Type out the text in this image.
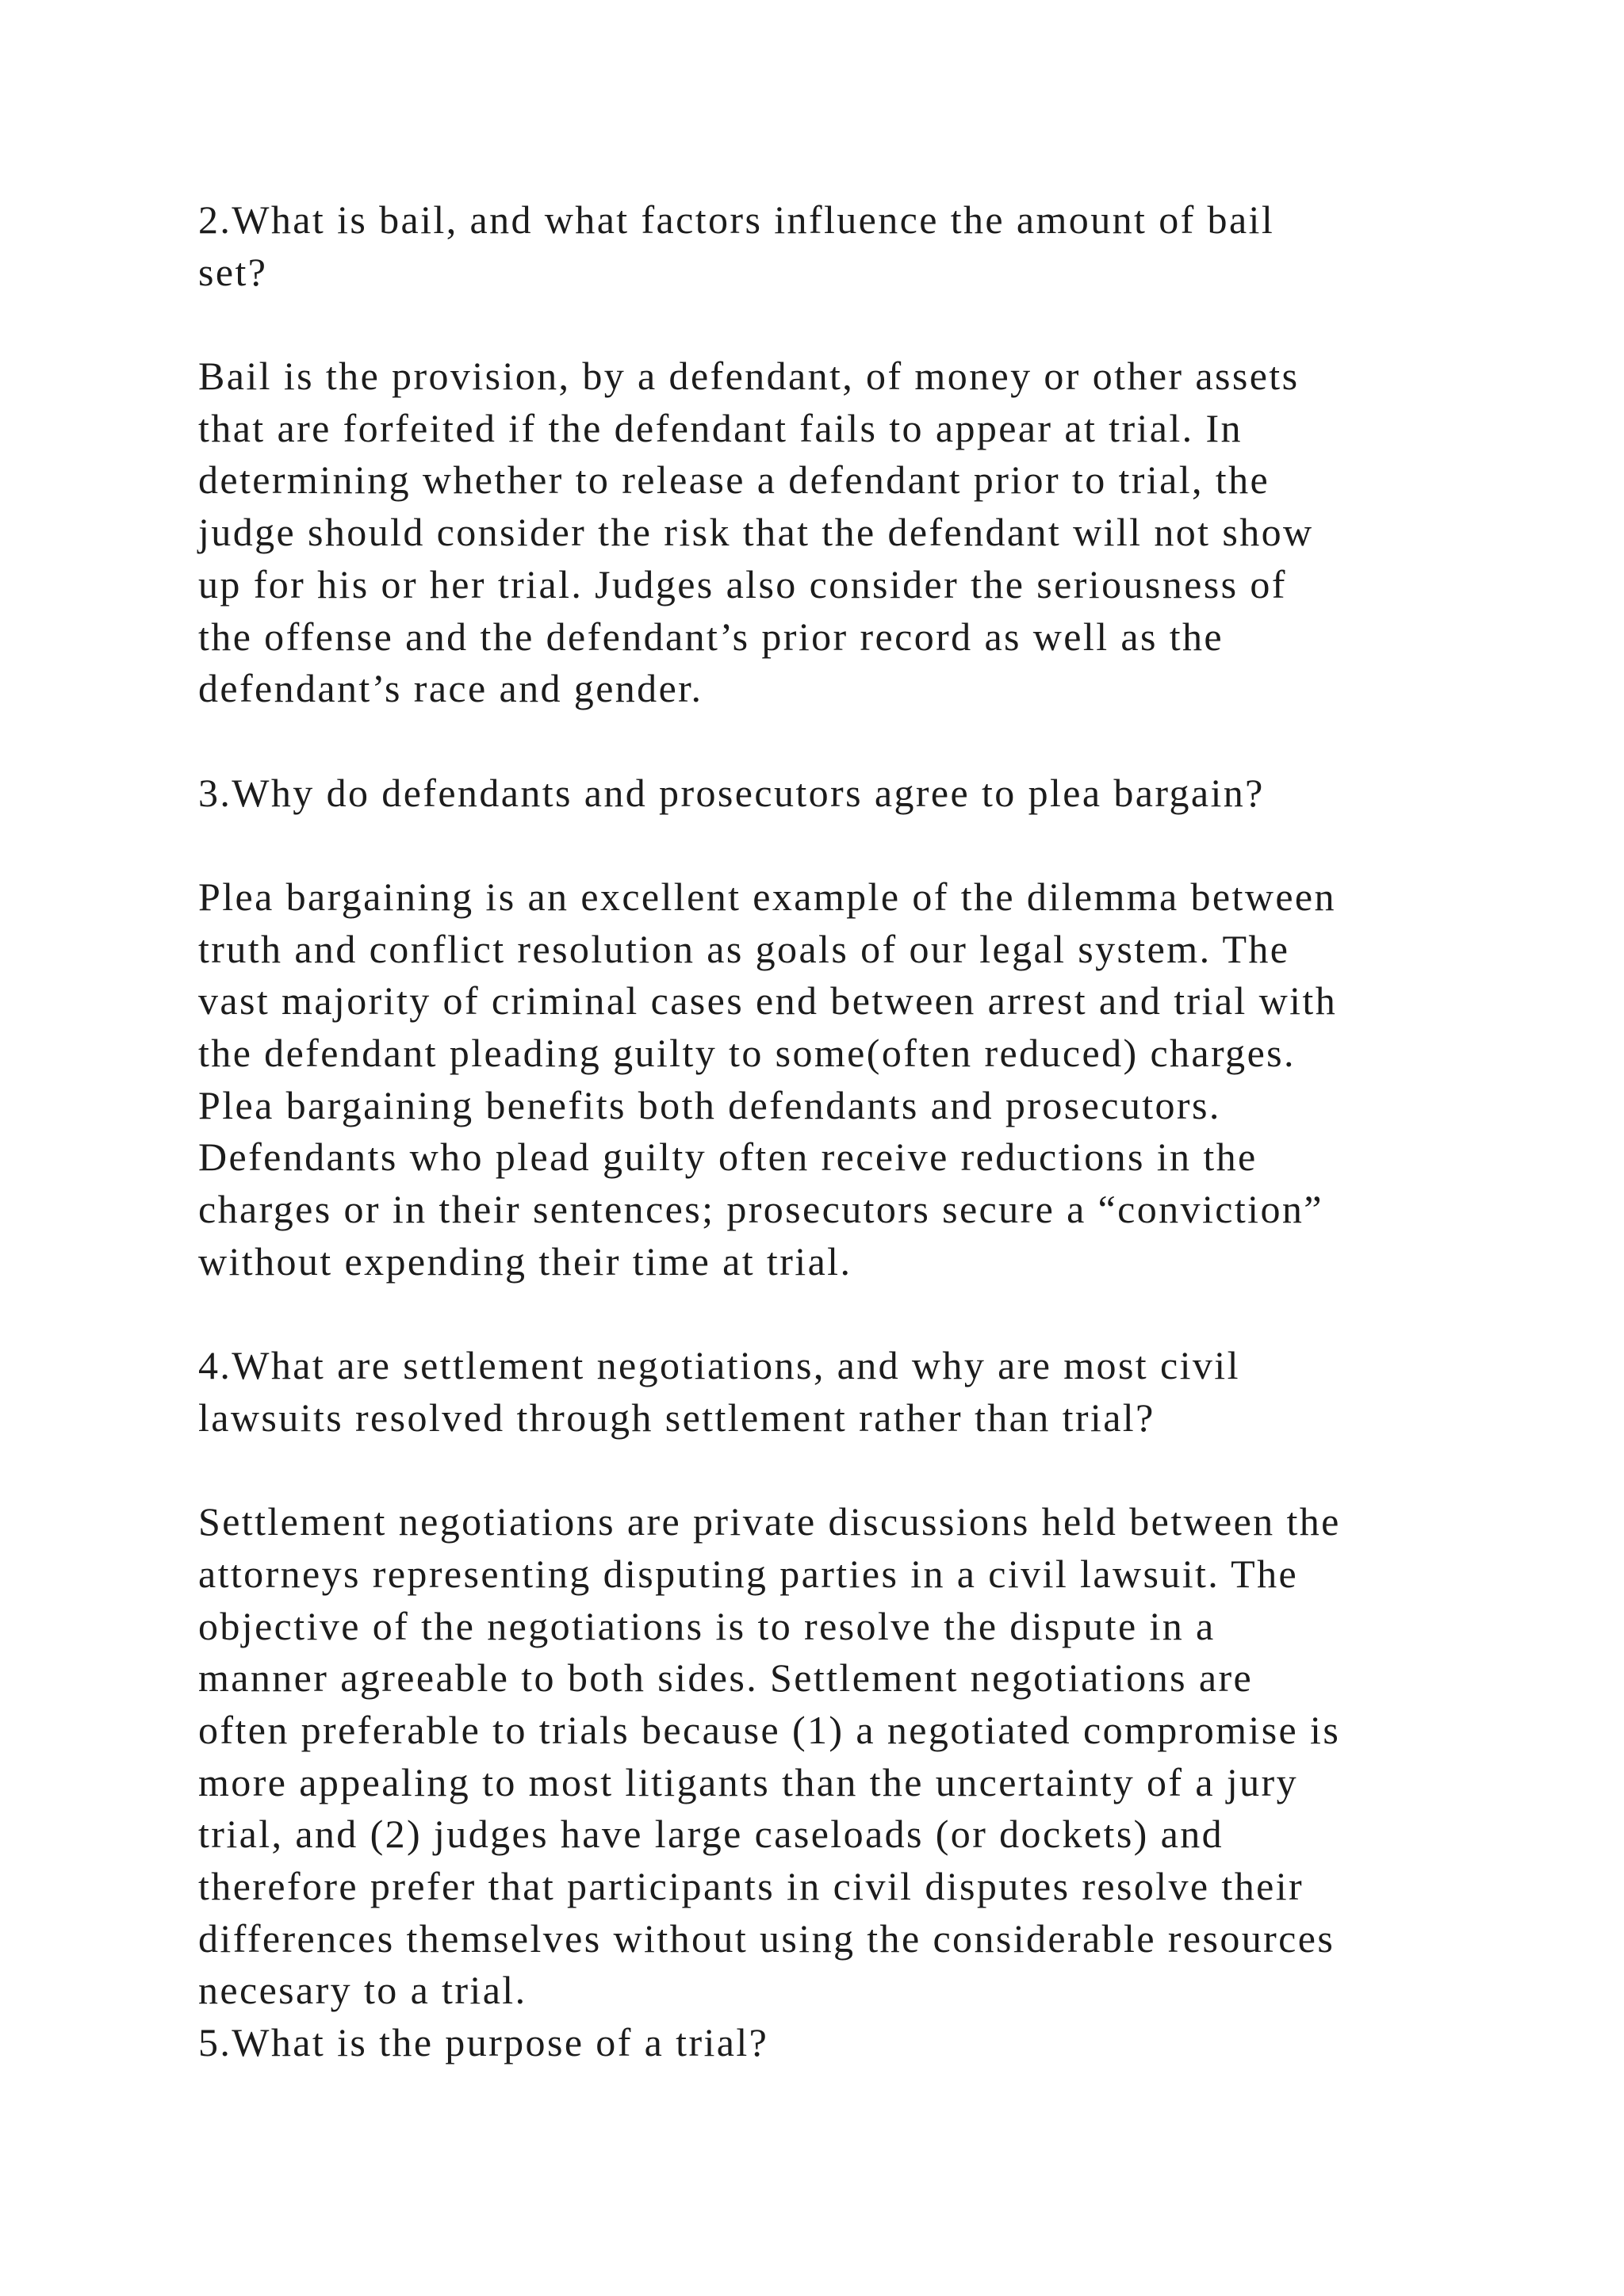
2.What is bail, and what factors influence the amount of bail
set?
Bail is the provision, by a defendant, of money or other assets
that are forfeited if the defendant fails to appear at trial. In
determining whether to release a defendant prior to trial, the
judge should consider the risk that the defendant will not show
up for his or her trial. Judges also consider the seriousness of
the offense and the defendant’s prior record as well as the
defendant’s race and gender.
3.Why do defendants and prosecutors agree to plea bargain?
Plea bargaining is an excellent example of the dilemma between
truth and conflict resolution as goals of our legal system. The
vast majority of criminal cases end between arrest and trial with
the defendant pleading guilty to some(often reduced) charges.
Plea bargaining benefits both defendants and prosecutors.
Defendants who plead guilty often receive reductions in the
charges or in their sentences; prosecutors secure a “conviction”
without expending their time at trial.
4.What are settlement negotiations, and why are most civil
lawsuits resolved through settlement rather than trial?
Settlement negotiations are private discussions held between the
attorneys representing disputing parties in a civil lawsuit. The
objective of the negotiations is to resolve the dispute in a
manner agreeable to both sides. Settlement negotiations are
often preferable to trials because (1) a negotiated compromise is
more appealing to most litigants than the uncertainty of a jury
trial, and (2) judges have large caseloads (or dockets) and
therefore prefer that participants in civil disputes resolve their
differences themselves without using the considerable resources
necesary to a trial.
5.What is the purpose of a trial?
